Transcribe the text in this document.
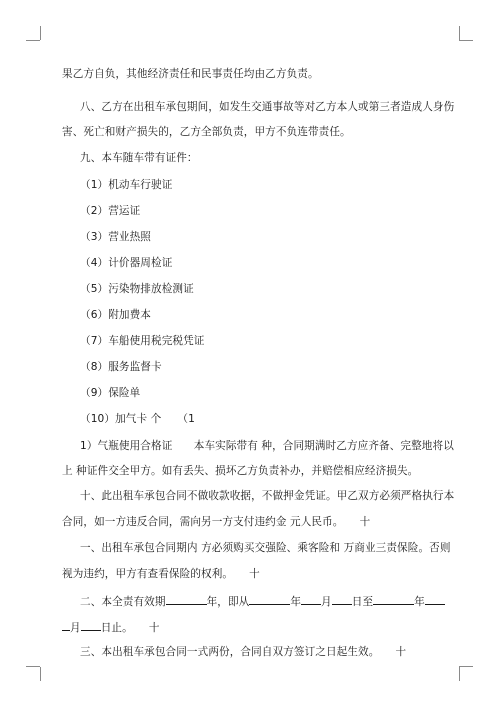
果乙方自负，其他经济责任和民事责任均由乙方负责。
八、乙方在出租车承包期间，如发生交通事故等对乙方本人或第三者造成人身伤
害、死亡和财产损失的，乙方全部负责，甲方不负连带责任。
九、本车随车带有证件：
（1）机动车行驶证
（2）营运证
（3）营业热照
（4）计价器周检证
（5）污染物排放检测证
（6）附加费本
（7）车船使用税完税凭证
（8）服务监督卡
（9）保险单
（10）加气卡 个　　（1
1）气瓶使用合格证　　本车实际带有 种，合同期满时乙方应齐备、完整地将以
上 种证件交全甲方。如有丢失、损坏乙方负责补办，并赔偿相应经济损失。
十、此出租车承包合同不做收款收据，不做押金凭证。甲乙双方必须严格执行本
合同，如一方违反合同，需向另一方支付违约金 元人民币。　　十
一、出租车承包合同期内 方必须购买交强险、乘客险和 万商业三责保险。否则
视为违约，甲方有查看保险的权利。　　十
二、本全责有效期	年，即从	年 月 日至	年
月 日止。　　十
三、本出租车承包合同一式两份，合同自双方签订之日起生效。　　十
